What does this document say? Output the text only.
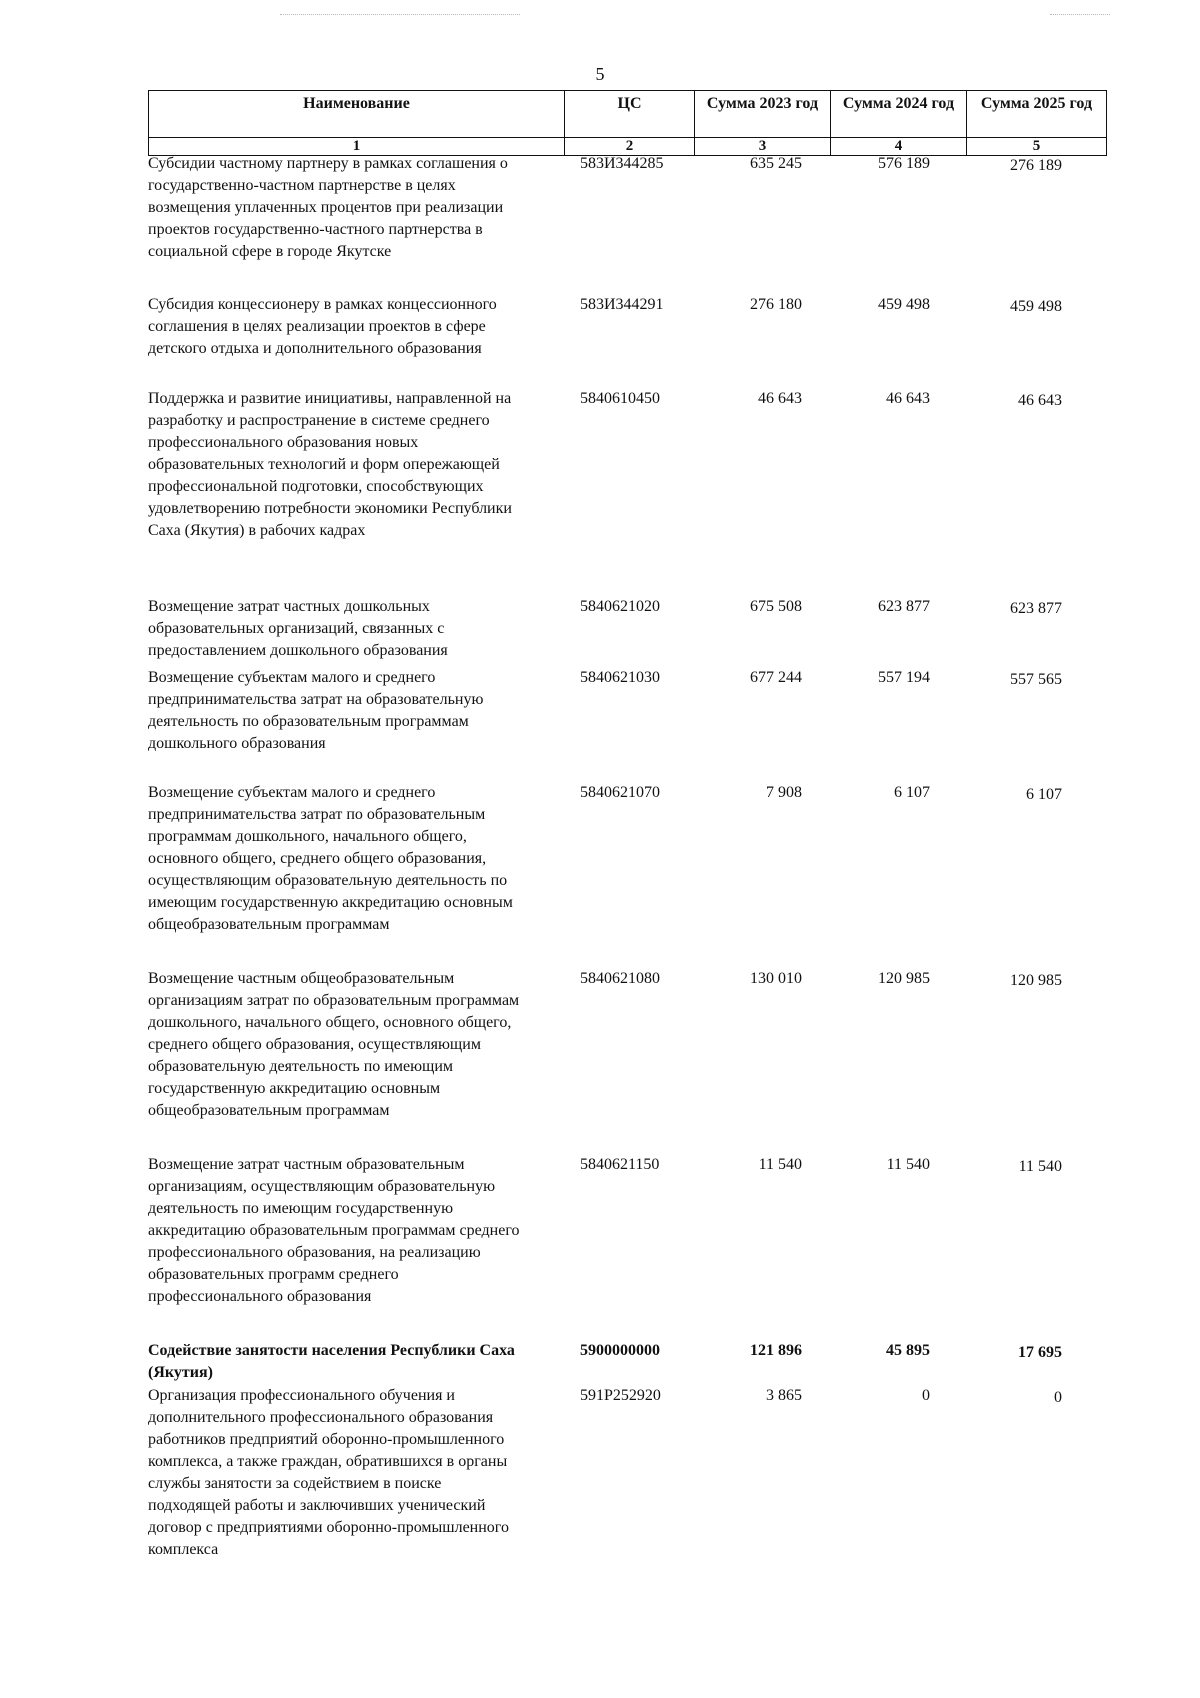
5
Наименование	ЦС	Сумма 2023 год	Сумма 2024 год	Сумма 2025 год
1	2	3	4	5
Субсидии частному партнеру в рамках соглашения о
государственно-частном партнерстве в целях
возмещения уплаченных процентов при реализации
проектов государственно-частного партнерства в
социальной сфере в городе Якутске
583И344285	635 245	576 189	276 189
Субсидия концессионеру в рамках концессионного
соглашения в целях реализации проектов в сфере
детского отдыха и дополнительного образования
583И344291	276 180	459 498	459 498
Поддержка и развитие инициативы, направленной на
разработку и распространение в системе среднего
профессионального образования новых
образовательных технологий и форм опережающей
профессиональной подготовки, способствующих
удовлетворению потребности экономики Республики
Саха (Якутия) в рабочих кадрах
5840610450	46 643	46 643	46 643
Возмещение затрат частных дошкольных
образовательных организаций, связанных с
предоставлением дошкольного образования
5840621020	675 508	623 877	623 877
Возмещение субъектам малого и среднего
предпринимательства затрат на образовательную
деятельность по образовательным программам
дошкольного образования
5840621030	677 244	557 194	557 565
Возмещение субъектам малого и среднего
предпринимательства затрат по образовательным
программам дошкольного, начального общего,
основного общего, среднего общего образования,
осуществляющим образовательную деятельность по
имеющим государственную аккредитацию основным
общеобразовательным программам
5840621070	7 908	6 107	6 107
Возмещение частным общеобразовательным
организациям затрат по образовательным программам
дошкольного, начального общего, основного общего,
среднего общего образования, осуществляющим
образовательную деятельность по имеющим
государственную аккредитацию основным
общеобразовательным программам
5840621080	130 010	120 985	120 985
Возмещение затрат частным образовательным
организациям, осуществляющим образовательную
деятельность по имеющим государственную
аккредитацию образовательным программам среднего
профессионального образования, на реализацию
образовательных программ среднего
профессионального образования
5840621150	11 540	11 540	11 540
Содействие занятости населения Республики Саха
(Якутия)
5900000000	121 896	45 895	17 695
Организация профессионального обучения и
дополнительного профессионального образования
работников предприятий оборонно-промышленного
комплекса, а также граждан, обратившихся в органы
службы занятости за содействием в поиске
подходящей работы и заключивших ученический
договор с предприятиями оборонно-промышленного
комплекса
591Р252920	3 865	0	0
